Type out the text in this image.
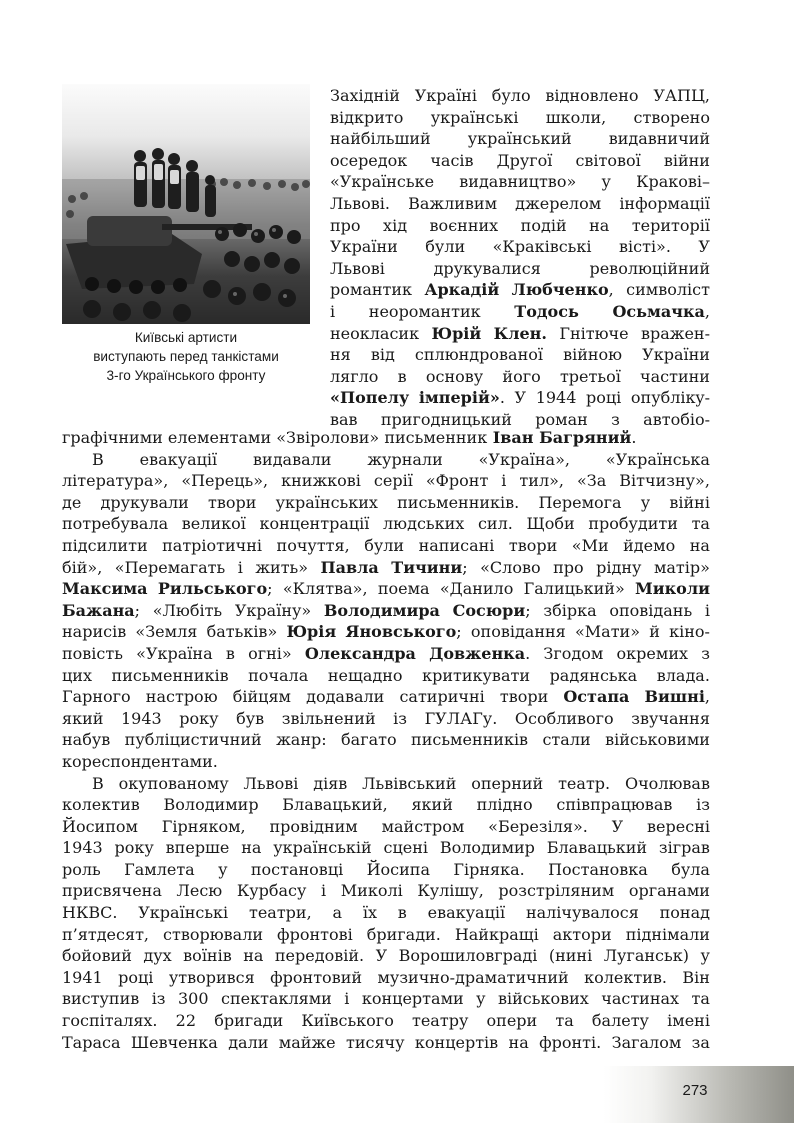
Київські артисти
виступають перед танкістами
3-го Українського фронту
Західній Україні було відновлено УАПЦ,
відкрито українські школи, створено
найбільший український видавничий
осередок часів Другої світової війни
«Українське видавництво» у Кракові–
Львові. Важливим джерелом інформації
про хід воєнних подій на території
України були «Краківські вісті». У
Львові	друкувалися	революційний
романтик Аркадій Любченко, символіст
і неоромантик Тодось Осьмачка,
неокласик Юрій Клен. Гнітюче вражен-
ня від сплюндрованої війною України
лягло в основу його третьої частини
«Попелу імперій». У 1944 році опублікy-
вав пригодницький роман з автобіо-
графічними елементами «Звіролови» письменник Іван Багряний.
В евакуації видавали журнали «Україна», «Українська
література», «Перець», книжкові серії «Фронт і тил», «За Вітчизну»,
де друкували твори українських письменників. Перемога у війні
потребувала великої концентрації людських сил. Щоби пробудити та
підсилити патріотичні почуття, були написані твори «Ми йдемо на
бій», «Перемагать і жить» Павла Тичини; «Слово про рідну матір»
Максима Рильського; «Клятва», поема «Данило Галицький» Миколи
Бажана; «Любіть Україну» Володимира Сосюри; збірка оповідань і
нарисів «Земля батьків» Юрія Яновського; оповідання «Мати» й кіно-
повість «Україна в огні» Олександра Довженка. Згодом окремих з
цих письменників почала нещадно критикувати радянська влада.
Гарного настрою бійцям додавали сатиричні твори Остапа Вишні,
який 1943 року був звільнений із ГУЛАГу. Особливого звучання
набув публіцистичний жанр: багато письменників стали військовими
кореспондентами.
В окупованому Львові діяв Львівський оперний театр. Очолював
колектив Володимир Блавацький, який плідно співпрацював із
Йосипом Гірняком, провідним майстром «Березіля». У вересні
1943 року вперше на українській сцені Володимир Блавацький зіграв
роль Гамлета у постановці Йосипа Гірняка. Постановка була
присвячена Лесю Курбасу і Миколі Кулішу, розстріляним органами
НКВС. Українські театри, а їх в евакуації налічувалося понад
п’ятдесят, створювали фронтові бригади. Найкращі актори піднімали
бойовий дух воїнів на передовій. У Ворошиловграді (нині Луганськ) у
1941 році утворився фронтовий музично-драматичний колектив. Він
виступив із 300 спектаклями і концертами у військових частинах та
госпіталях. 22 бригади Київського театру опери та балету імені
Тараса Шевченка дали майже тисячу концертів на фронті. Загалом за
273
